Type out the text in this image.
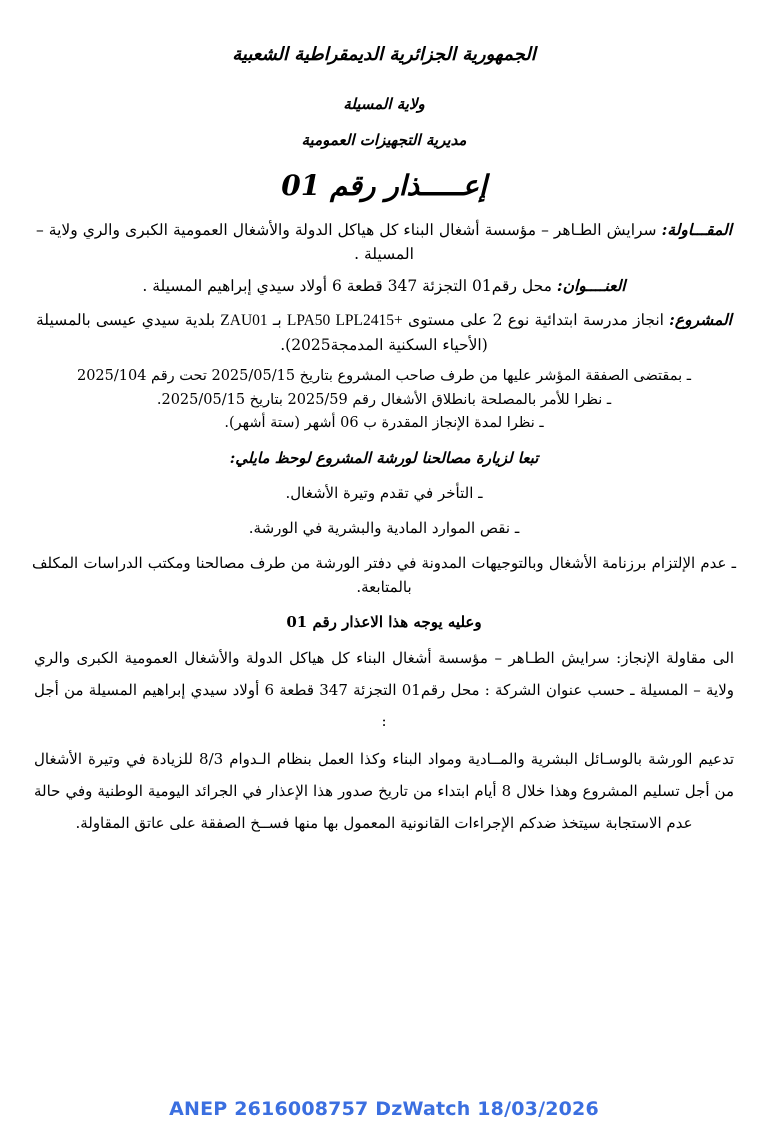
الجمهورية الجزائرية الديمقراطية الشعبية
ولاية المسيلة
مديرية التجهيزات العمومية
إعـــــذار رقم 01

المقـــاولة: سرايش الطـاهر – مؤسسة أشغال البناء كل هياكل الدولة والأشغال العمومية الكبرى والري ولاية – المسيلة .

العنــــوان: محل رقم01 التجزئة 347 قطعة 6 أولاد سيدي إبراهيم المسيلة .

المشروع: انجاز مدرسة ابتدائية نوع 2 على مستوى LPL2415+ LPA50 بـ ZAU01 بلدية سيدي عيسى بالمسيلة (الأحياء السكنية المدمجة2025).

ـ بمقتضى الصفقة المؤشر عليها من طرف صاحب المشروع بتاريخ 2025/05/15 تحت رقم 2025/104

ـ نظرا للأمر بالمصلحة بانطلاق الأشغال رقم 2025/59 بتاريخ 2025/05/15.

ـ نظرا لمدة الإنجاز المقدرة ب 06 أشهر (ستة أشهر).

تبعا لزيارة مصالحنا لورشة المشروع لوحظ مايلي:

ـ التأخر في تقدم وتيرة الأشغال.

ـ نقص الموارد المادية والبشرية في الورشة.

ـ عدم الإلتزام برزنامة الأشغال وبالتوجيهات المدونة في دفتر الورشة من طرف مصالحنا ومكتب الدراسات المكلف بالمتابعة.

وعليه يوجه هذا الاعذار رقم 01

الى مقاولة الإنجاز: سرايش الطـاهر – مؤسسة أشغال البناء كل هياكل الدولة والأشغال العمومية الكبرى والري ولاية – المسيلة ـ حسب عنوان الشركة : محل رقم01 التجزئة 347 قطعة 6 أولاد سيدي إبراهيم المسيلة من أجل :

تدعيم الورشة بالوسـائل البشرية والمــادية ومواد البناء وكذا العمل بنظام الـدوام 8/3 للزيادة في وتيرة الأشغال من أجل تسليم المشروع وهذا خلال 8 أيام ابتداء من تاريخ صدور هذا الإعذار في الجرائد اليومية الوطنية وفي حالة عدم الاستجابة سيتخذ ضدكم الإجراءات القانونية المعمول بها منها فســخ الصفقة على عاتق المقاولة.

ANEP 2616008757 DzWatch 18/03/2026
